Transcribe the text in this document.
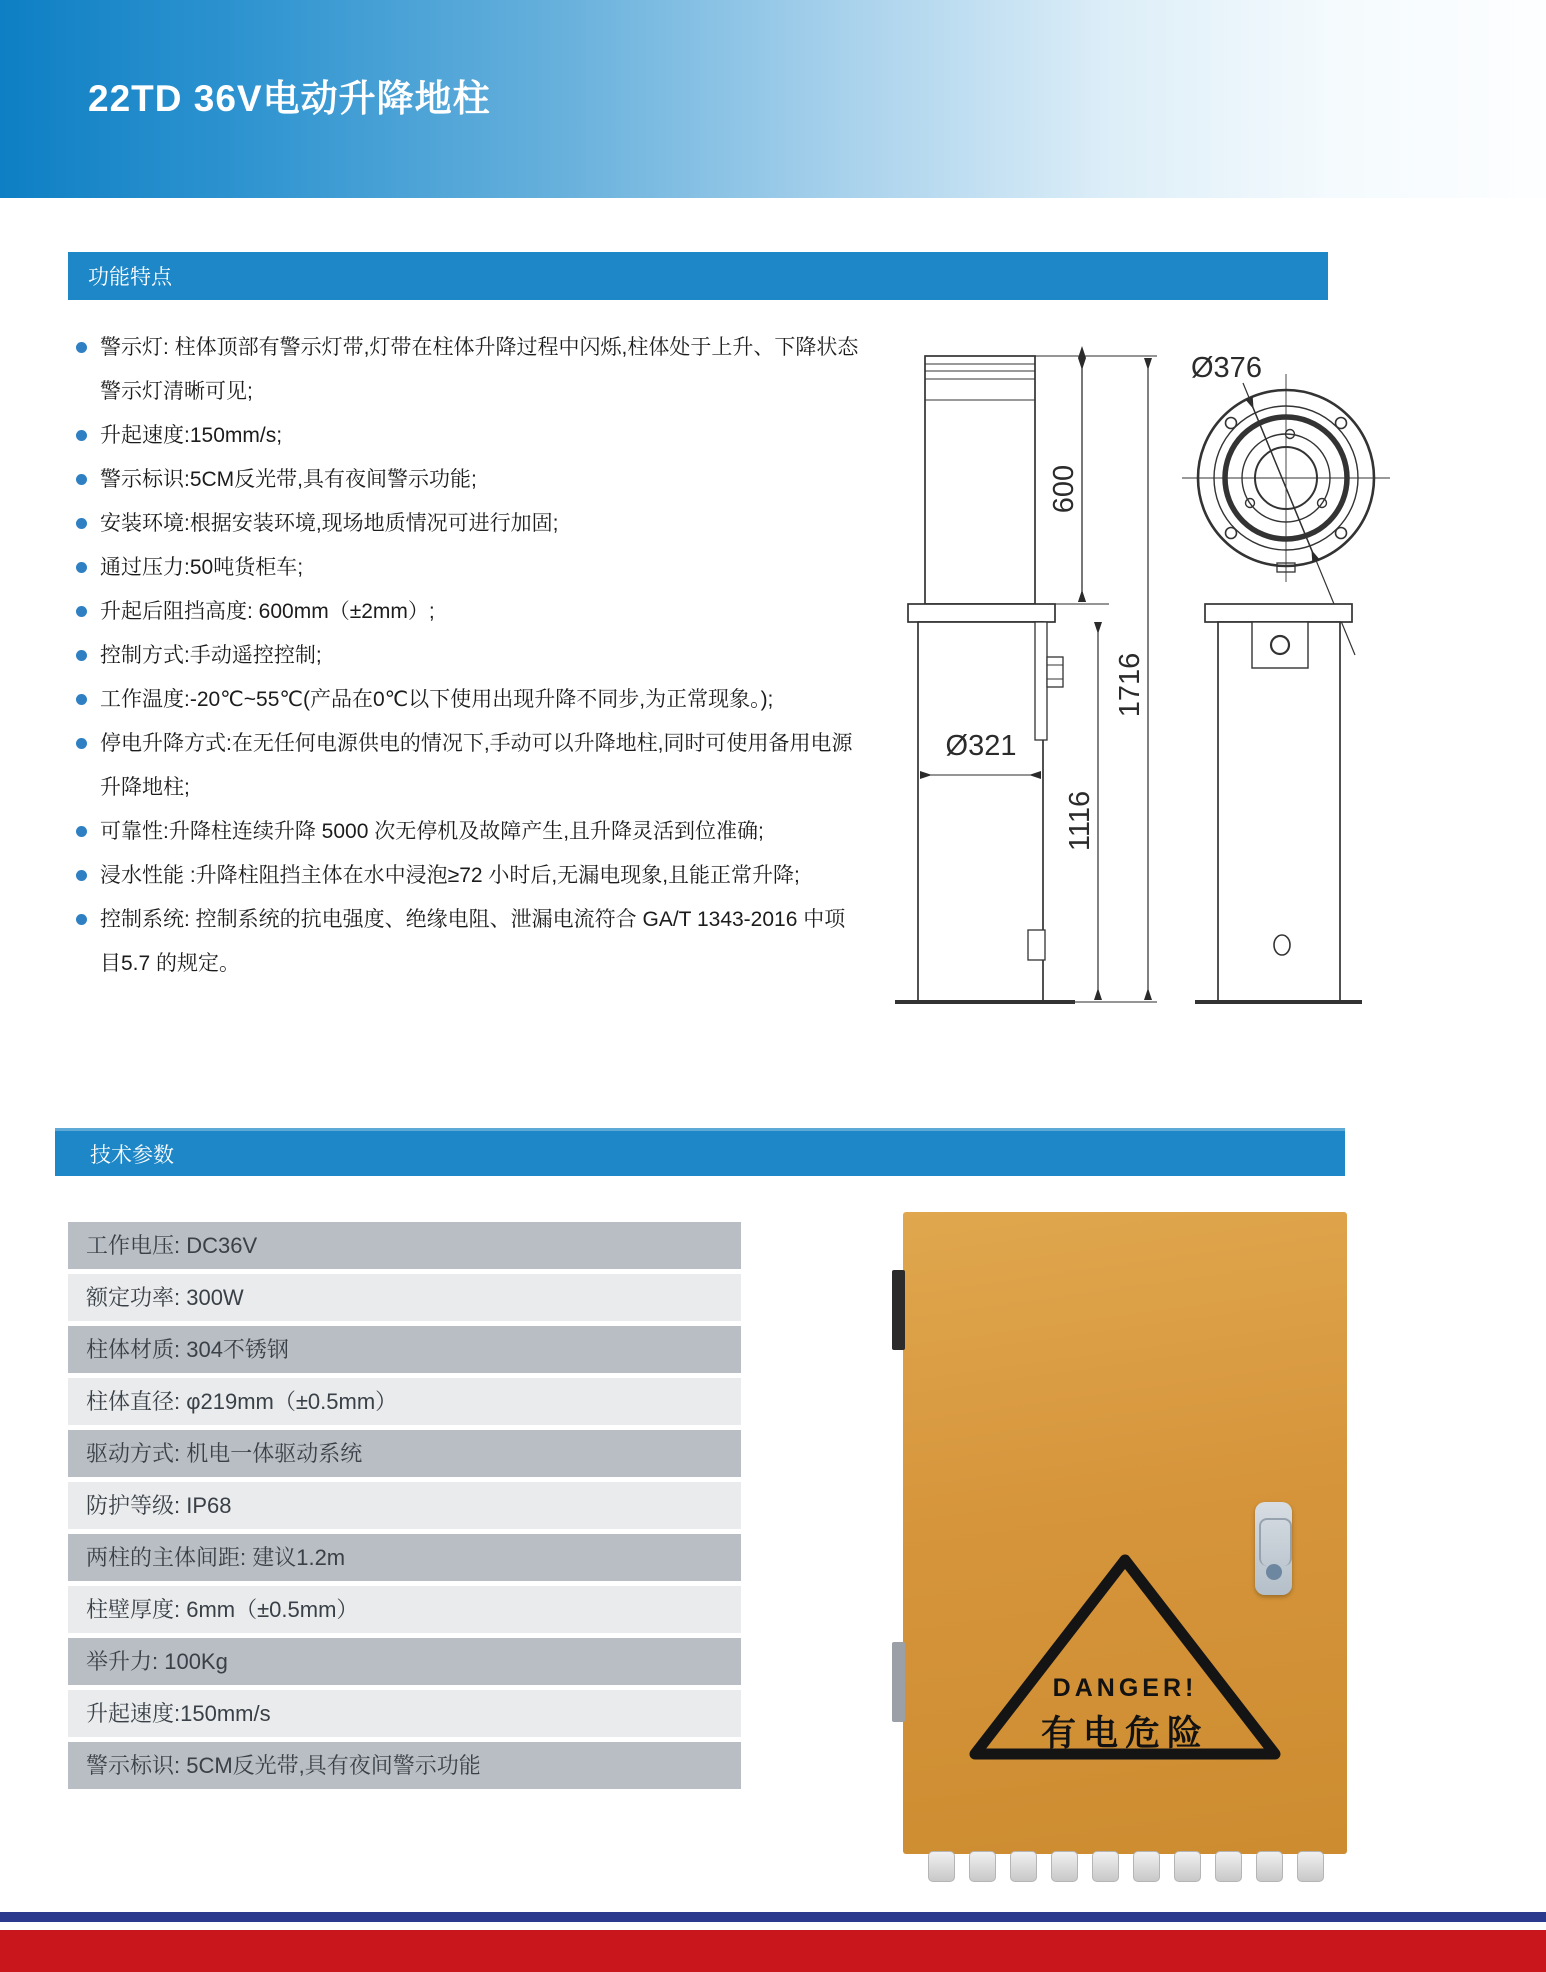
22TD 36V电动升降地柱
功能特点
警示灯: 柱体顶部有警示灯带,灯带在柱体升降过程中闪烁,柱体处于上升、下降状态警示灯清晰可见;
升起速度:150mm/s;
警示标识:5CM反光带,具有夜间警示功能;
安装环境:根据安装环境,现场地质情况可进行加固;
通过压力:50吨货柜车;
升起后阻挡高度: 600mm（±2mm）;
控制方式:手动遥控控制;
工作温度:-20℃~55℃(产品在0℃以下使用出现升降不同步,为正常现象。);
停电升降方式:在无任何电源供电的情况下,手动可以升降地柱,同时可使用备用电源升降地柱;
可靠性:升降柱连续升降 5000 次无停机及故障产生,且升降灵活到位准确;
浸水性能 :升降柱阻挡主体在水中浸泡≥72 小时后,无漏电现象,且能正常升降;
控制系统: 控制系统的抗电强度、绝缘电阻、泄漏电流符合 GA/T 1343-2016 中项目5.7 的规定。
600
1116
1716
Ø321
Ø376
技术参数
工作电压: DC36V
额定功率: 300W
柱体材质: 304不锈钢
柱体直径: φ219mm（±0.5mm）
驱动方式: 机电一体驱动系统
防护等级: IP68
两柱的主体间距: 建议1.2m
柱壁厚度: 6mm（±0.5mm）
举升力: 100Kg
升起速度:150mm/s
警示标识: 5CM反光带,具有夜间警示功能
DANGER!
有电危险
